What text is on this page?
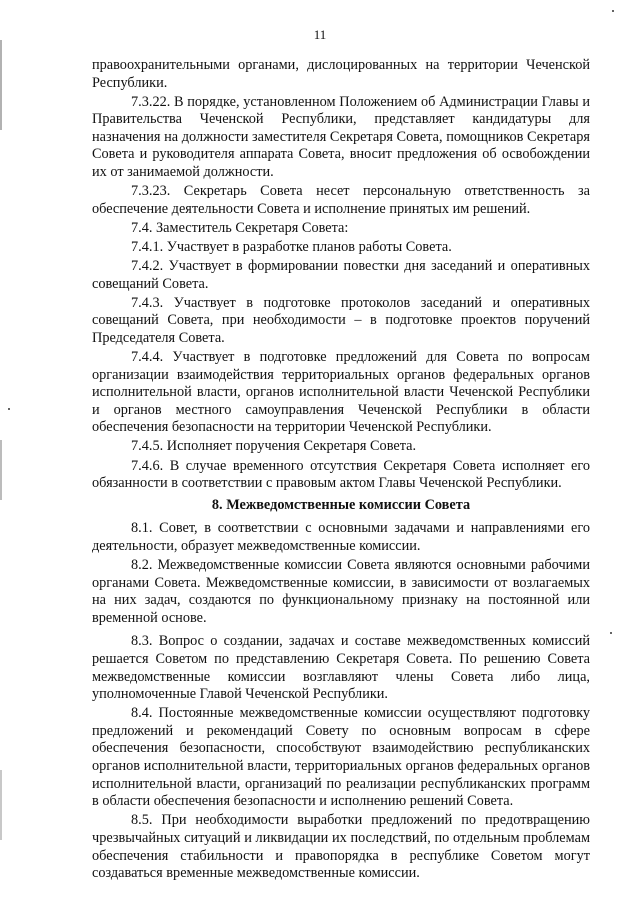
11

правоохранительными органами, дислоцированных на территории Чеченской Республики.

7.3.22. В порядке, установленном Положением об Администрации Главы и Правительства Чеченской Республики, представляет кандидатуры для назначения на должности заместителя Секретаря Совета, помощников Секретаря Совета и руководителя аппарата Совета, вносит предложения об освобождении их от занимаемой должности.

7.3.23. Секретарь Совета несет персональную ответственность за обеспечение деятельности Совета и исполнение принятых им решений.

7.4. Заместитель Секретаря Совета:

7.4.1. Участвует в разработке планов работы Совета.

7.4.2. Участвует в формировании повестки дня заседаний и оперативных совещаний Совета.

7.4.3. Участвует в подготовке протоколов заседаний и оперативных совещаний Совета, при необходимости – в подготовке проектов поручений Председателя Совета.

7.4.4. Участвует в подготовке предложений для Совета по вопросам организации взаимодействия территориальных органов федеральных органов исполнительной власти, органов исполнительной власти Чеченской Республики и органов местного самоуправления Чеченской Республики в области обеспечения безопасности на территории Чеченской Республики.

7.4.5. Исполняет поручения Секретаря Совета.

7.4.6. В случае временного отсутствия Секретаря Совета исполняет его обязанности в соответствии с правовым актом Главы Чеченской Республики.

8. Межведомственные комиссии Совета

8.1. Совет, в соответствии с основными задачами и направлениями его деятельности, образует межведомственные комиссии.

8.2. Межведомственные комиссии Совета являются основными рабочими органами Совета. Межведомственные комиссии, в зависимости от возлагаемых на них задач, создаются по функциональному признаку на постоянной или временной основе.

8.3. Вопрос о создании, задачах и составе межведомственных комиссий решается Советом по представлению Секретаря Совета. По решению Совета межведомственные комиссии возглавляют члены Совета либо лица, уполномоченные Главой Чеченской Республики.

8.4. Постоянные межведомственные комиссии осуществляют подготовку предложений и рекомендаций Совету по основным вопросам в сфере обеспечения безопасности, способствуют взаимодействию республиканских органов исполнительной власти, территориальных органов федеральных органов исполнительной власти, организаций по реализации республиканских программ в области обеспечения безопасности и исполнению решений Совета.

8.5. При необходимости выработки предложений по предотвращению чрезвычайных ситуаций и ликвидации их последствий, по отдельным проблемам обеспечения стабильности и правопорядка в республике Советом могут создаваться временные межведомственные комиссии.
